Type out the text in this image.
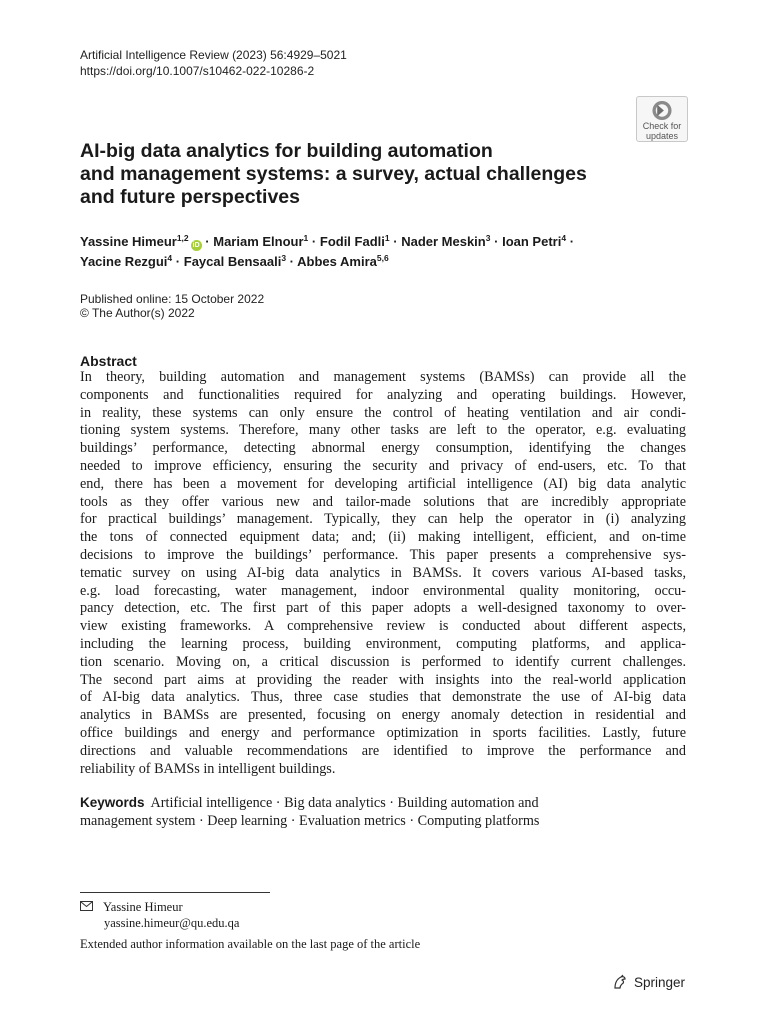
Artificial Intelligence Review (2023) 56:4929–5021
https://doi.org/10.1007/s10462-022-10286-2
Check for
updates
AI-big data analytics for building automation
and management systems: a survey, actual challenges
and future perspectives
Yassine Himeur$^{1,2}$iD · Mariam Elnour$^1$ · Fodil Fadli$^1$ · Nader Meskin$^3$ · Ioan Petri$^4$ ·
Yacine Rezgui$^4$ · Faycal Bensaali$^3$ · Abbes Amira$^{5,6}$
Published online: 15 October 2022
© The Author(s) 2022
Abstract
In theory, building automation and management systems (BAMSs) can provide all the
components and functionalities required for analyzing and operating buildings. However,
in reality, these systems can only ensure the control of heating ventilation and air condi-
tioning system systems. Therefore, many other tasks are left to the operator, e.g. evaluating
buildings’ performance, detecting abnormal energy consumption, identifying the changes
needed to improve efficiency, ensuring the security and privacy of end-users, etc. To that
end, there has been a movement for developing artificial intelligence (AI) big data analytic
tools as they offer various new and tailor-made solutions that are incredibly appropriate
for practical buildings’ management. Typically, they can help the operator in (i) analyzing
the tons of connected equipment data; and; (ii) making intelligent, efficient, and on-time
decisions to improve the buildings’ performance. This paper presents a comprehensive sys-
tematic survey on using AI-big data analytics in BAMSs. It covers various AI-based tasks,
e.g. load forecasting, water management, indoor environmental quality monitoring, occu-
pancy detection, etc. The first part of this paper adopts a well-designed taxonomy to over-
view existing frameworks. A comprehensive review is conducted about different aspects,
including the learning process, building environment, computing platforms, and applica-
tion scenario. Moving on, a critical discussion is performed to identify current challenges.
The second part aims at providing the reader with insights into the real-world application
of AI-big data analytics. Thus, three case studies that demonstrate the use of AI-big data
analytics in BAMSs are presented, focusing on energy anomaly detection in residential and
office buildings and energy and performance optimization in sports facilities. Lastly, future
directions and valuable recommendations are identified to improve the performance and
reliability of BAMSs in intelligent buildings.
Keywords Artificial intelligence · Big data analytics · Building automation and
management system · Deep learning · Evaluation metrics · Computing platforms
Yassine Himeur
yassine.himeur@qu.edu.qa
Extended author information available on the last page of the article
Springer
